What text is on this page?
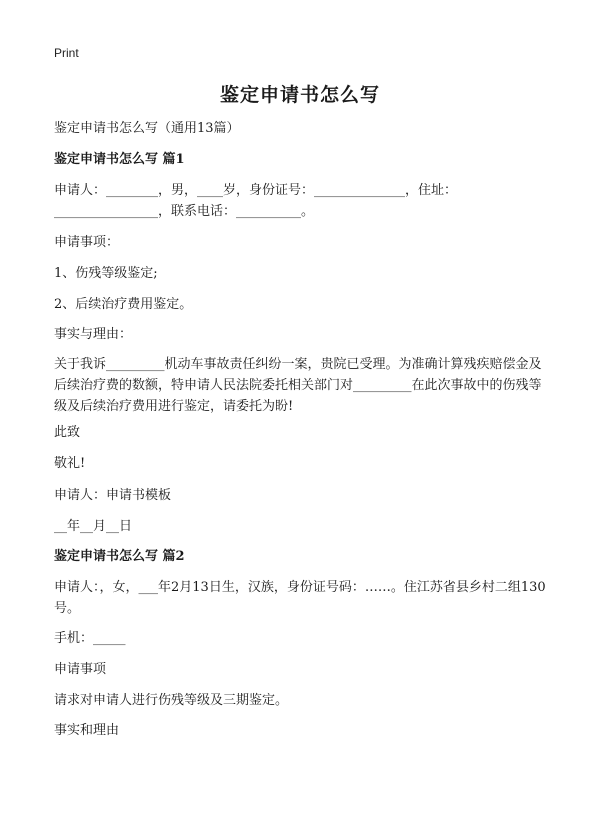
Print
鉴定申请书怎么写
鉴定申请书怎么写（通用13篇）
鉴定申请书怎么写 篇1
申请人：________，男，____岁，身份证号：______________，住址：
________________，联系电话：__________。
申请事项：
1、伤残等级鉴定;
2、后续治疗费用鉴定。
事实与理由：
关于我诉_________机动车事故责任纠纷一案，贵院已受理。为准确计算残疾赔偿金及后续治疗费的数额，特申请人民法院委托相关部门对_________在此次事故中的伤残等级及后续治疗费用进行鉴定，请委托为盼!
此致
敬礼!
申请人：申请书模板
__年__月__日
鉴定申请书怎么写 篇2
申请人：，女，___年2月13日生，汉族，身份证号码：……。住江苏省县乡村二组130号。
手机：_____
申请事项
请求对申请人进行伤残等级及三期鉴定。
事实和理由
